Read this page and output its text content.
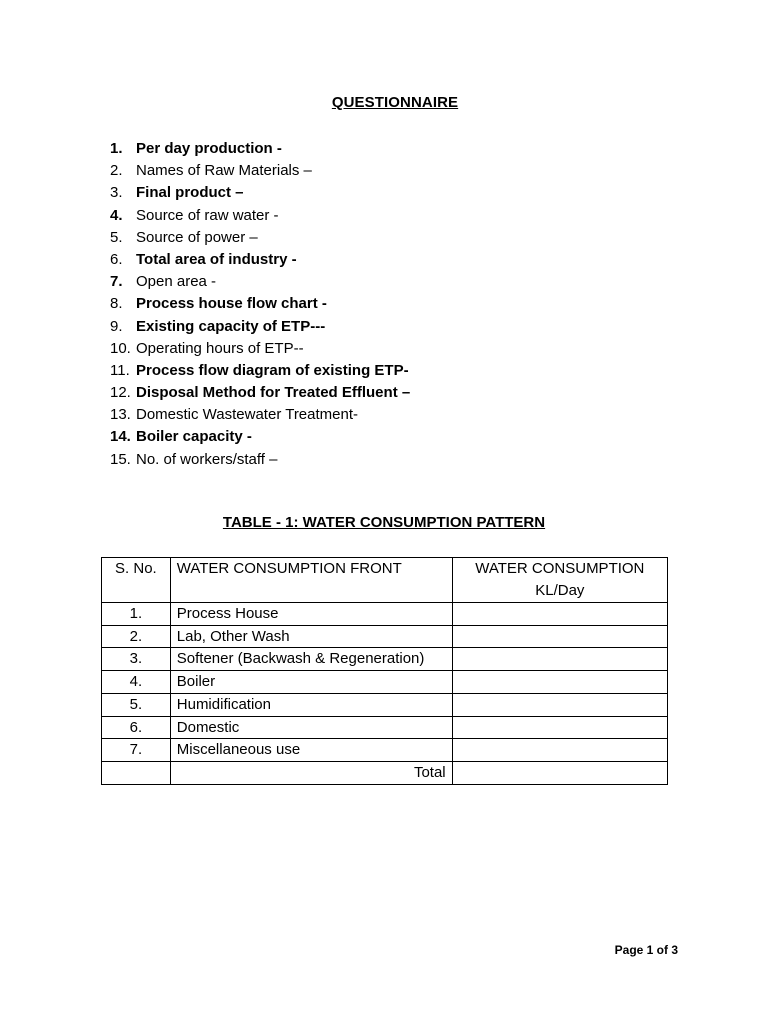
QUESTIONNAIRE
1. Per day production -
2. Names of Raw Materials –
3. Final product –
4. Source of raw water -
5. Source of power –
6. Total area of industry -
7. Open area -
8. Process house flow chart -
9. Existing capacity of ETP---
10. Operating hours of ETP--
11. Process flow diagram of existing ETP-
12. Disposal Method for Treated Effluent –
13. Domestic Wastewater Treatment-
14. Boiler capacity -
15. No. of workers/staff –
TABLE - 1: WATER CONSUMPTION PATTERN
S. No.	WATER CONSUMPTION FRONT	WATER CONSUMPTION
KL/Day
1.	Process House	
2.	Lab, Other Wash	
3.	Softener (Backwash & Regeneration)	
4.	Boiler	
5.	Humidification	
6.	Domestic	
7.	Miscellaneous use	
	Total	
Page 1 of 3
